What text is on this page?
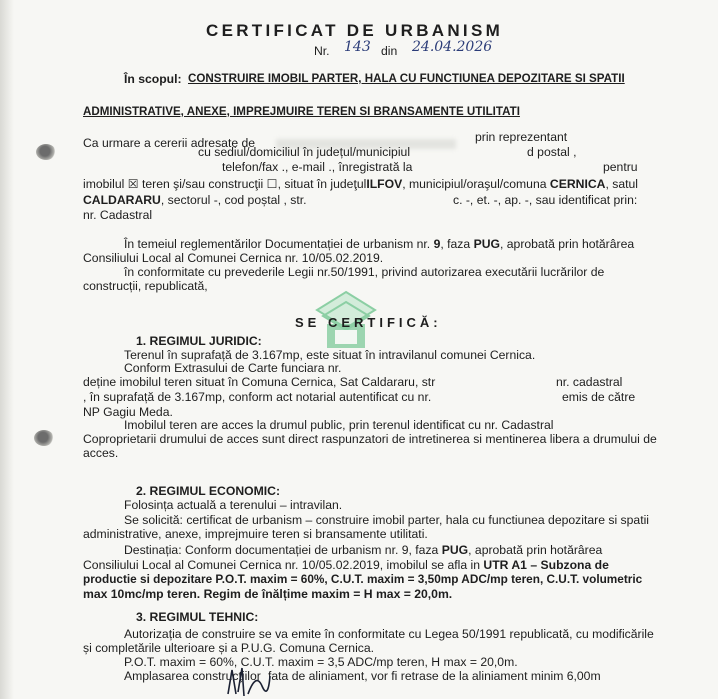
CERTIFICAT DE URBANISM
Nr. 143 din 24.04.2026
În scopul: CONSTRUIRE IMOBIL PARTER, HALA CU FUNCTIUNEA DEPOZITARE SI SPATII
ADMINISTRATIVE, ANEXE, IMPREJMUIRE TEREN SI BRANSAMENTE UTILITATI
Ca urmare a cererii adresate de	prin reprezentant
cu sediul/domiciliul în județul/municipiul	d postal ,
telefon/fax ., e-mail ., înregistrată la	pentru
imobilul ☒ teren şi/sau construcţii ☐, situat în judeţulILFOV, municipiul/oraşul/comuna CERNICA, satul
CALDARARU, sectorul -, cod poștal , str.	c. -, et. -, ap. -, sau identificat prin:
nr. Cadastral
În temeiul reglementărilor Documentației de urbanism nr. 9, faza PUG, aprobată prin hotărârea
Consiliului Local al Comunei Cernica nr. 10/05.02.2019.
în conformitate cu prevederile Legii nr.50/1991, privind autorizarea executării lucrărilor de
construcții, republicată,
SE CERTIFICĂ:
1. REGIMUL JURIDIC:
Terenul în suprafață de 3.167mp, este situat în intravilanul comunei Cernica.
Conform Extrasului de Carte funciara nr.
deține imobilul teren situat în Comuna Cernica, Sat Caldararu, str	nr. cadastral
, în suprafață de 3.167mp, conform act notarial autentificat cu nr.	emis de către
NP Gagiu Meda.
Imobilul teren are acces la drumul public, prin terenul identificat cu nr. Cadastral
Coproprietarii drumului de acces sunt direct raspunzatori de intretinerea si mentinerea libera a drumului de
acces.
2. REGIMUL ECONOMIC:
Folosința actuală a terenului – intravilan.
Se solicită: certificat de urbanism – construire imobil parter, hala cu functiunea depozitare si spatii
administrative, anexe, imprejmuire teren si bransamente utilitati.
Destinația: Conform documentației de urbanism nr. 9, faza PUG, aprobată prin hotărârea
Consiliului Local al Comunei Cernica nr. 10/05.02.2019, imobilul se afla in UTR A1 – Subzona de
productie si depozitare P.O.T. maxim = 60%, C.U.T. maxim = 3,50mp ADC/mp teren, C.U.T. volumetric
max 10mc/mp teren. Regim de înălțime maxim = H max = 20,0m.
3. REGIMUL TEHNIC:
Autorizația de construire se va emite în conformitate cu Legea 50/1991 republicată, cu modificările
și completările ulterioare și a P.U.G. Comuna Cernica.
P.O.T. maxim = 60%, C.U.T. maxim = 3,5 ADC/mp teren, H max = 20,0m.
Amplasarea construcţiilor fata de aliniament, vor fi retrase de la aliniament minim 6,00m
